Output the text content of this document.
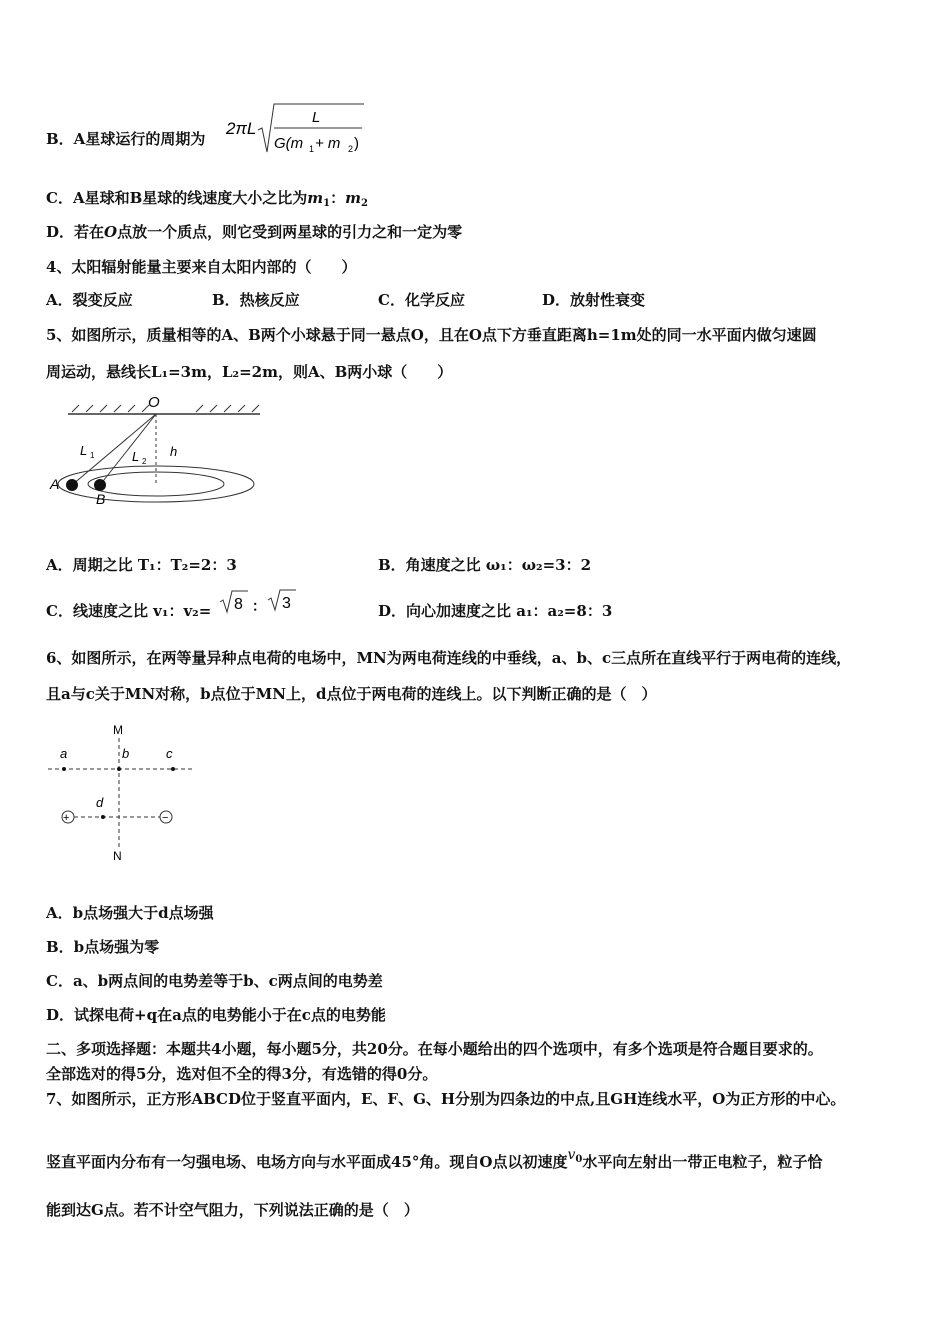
B．A星球运行的周期为
2πL
L
G(m 1 + m 2 )
C．A星球和B星球的线速度大小之比为$m_1$：$m_2$
D．若在O点放一个质点，则它受到两星球的引力之和一定为零
4、太阳辐射能量主要来自太阳内部的（　　）
A．裂变反应	B．热核反应	C．化学反应	D．放射性衰变
5、如图所示，质量相等的A、B两个小球悬于同一悬点O，且在O点下方垂直距离h=1m处的同一水平面内做匀速圆
周运动，悬线长L₁=3m，L₂=2m，则A、B两小球（　　）
O
L 1	L 2
h
A
B
A．周期之比 T₁：T₂=2：3	B．角速度之比 ω₁：ω₂=3：2
C．线速度之比 v₁：v₂= 8 ： 3	D．向心加速度之比 a₁：a₂=8：3
6、如图所示，在两等量异种点电荷的电场中，MN为两电荷连线的中垂线，a、b、c三点所在直线平行于两电荷的连线，
且a与c关于MN对称，b点位于MN上，d点位于两电荷的连线上。以下判断正确的是（　）
M
N
a	b	c
d
+	−
A．b点场强大于d点场强
B．b点场强为零
C．a、b两点间的电势差等于b、c两点间的电势差
D．试探电荷+q在a点的电势能小于在c点的电势能
二、多项选择题：本题共4小题，每小题5分，共20分。在每小题给出的四个选项中，有多个选项是符合题目要求的。
全部选对的得5分，选对但不全的得3分，有选错的得0分。
7、如图所示，正方形ABCD位于竖直平面内，E、F、G、H分别为四条边的中点,且GH连线水平，O为正方形的中心。
竖直平面内分布有一匀强电场、电场方向与水平面成45°角。现自O点以初速度$v^0$水平向左射出一带正电粒子，粒子恰
能到达G点。若不计空气阻力，下列说法正确的是（　）
